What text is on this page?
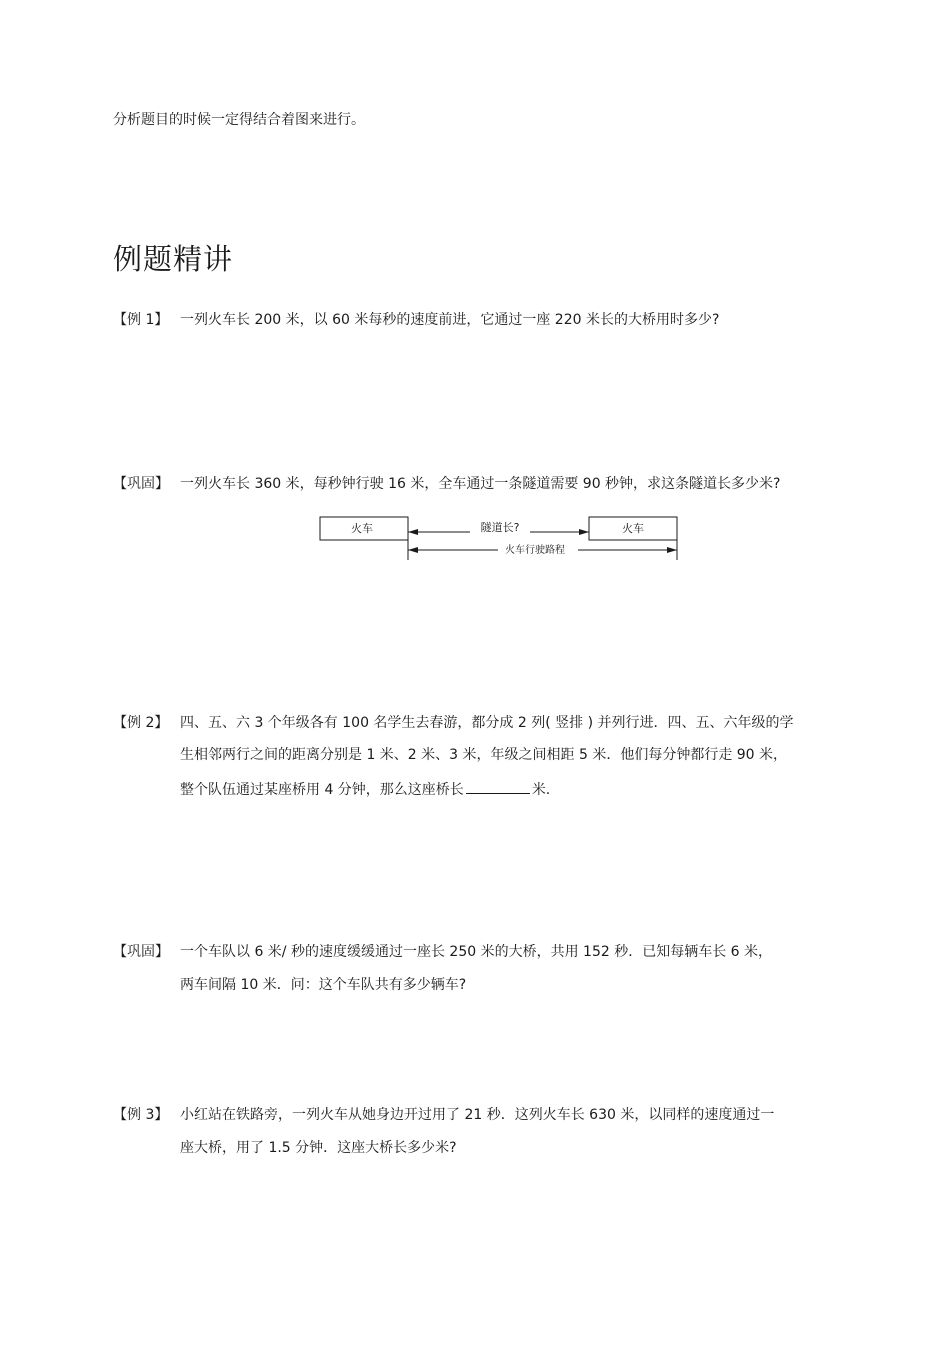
分析题目的时候一定得结合着图来进行。
例题精讲
【例 1】 一列火车长 200 米，以 60 米每秒的速度前进，它通过一座 220 米长的大桥用时多少?
【巩固】 一列火车长 360 米，每秒钟行驶 16 米，全车通过一条隧道需要 90 秒钟，求这条隧道长多少米?
火车	火车
隧道长?
火车行驶路程
【例 2】 四、五、六 3 个年级各有 100 名学生去春游，都分成 2 列( 竖排 ) 并列行进．四、五、六年级的学
生相邻两行之间的距离分别是 1 米、2 米、3 米，年级之间相距 5 米．他们每分钟都行走 90 米，
整个队伍通过某座桥用 4 分钟，那么这座桥长	米.
【巩固】 一个车队以 6 米/ 秒的速度缓缓通过一座长 250 米的大桥，共用 152 秒．已知每辆车长 6 米，
两车间隔 10 米．问：这个车队共有多少辆车?
【例 3】 小红站在铁路旁，一列火车从她身边开过用了 21 秒．这列火车长 630 米，以同样的速度通过一
座大桥，用了 1.5 分钟．这座大桥长多少米?
